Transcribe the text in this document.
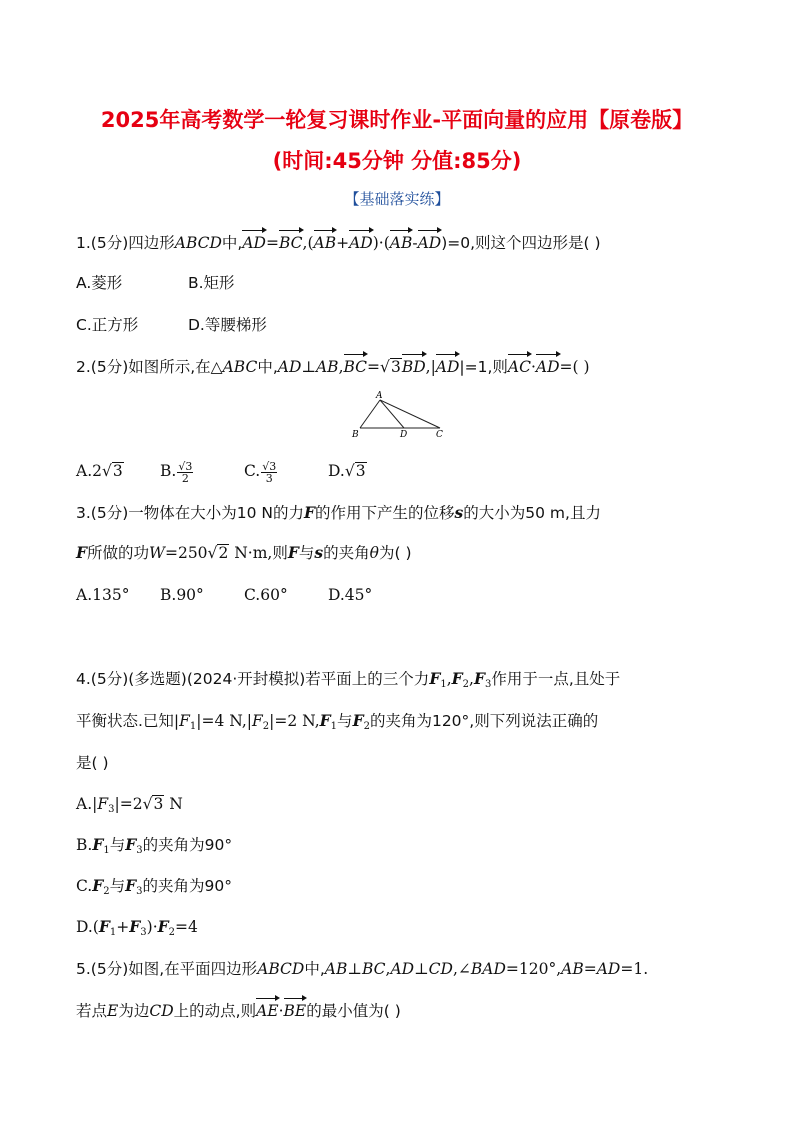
2025年高考数学一轮复习课时作业-平面向量的应用【原卷版】
(时间:45分钟 分值:85分)
【基础落实练】
1.(5分)四边形ABCD中,AD=BC,(AB+AD)·(AB-AD)=0,则这个四边形是( )
A.菱形	B.矩形
C.正方形	D.等腰梯形
2.(5分)如图所示,在△ABC中,AD⊥AB,BC=√3BD,|AD|=1,则AC·AD=( )
A
B	D	C
A.2√3 B. $\frac{√3}{2}$	C. $\frac{√3}{3}$	D.√3
3.(5分)一物体在大小为10 N的力F的作用下产生的位移s的大小为50 m,且力
F所做的功W=250√2 N·m,则F与s的夹角θ为( )
A.135° B.90°	C.60°	D.45°
4.(5分)(多选题)(2024·开封模拟)若平面上的三个力$F_1,F_2,F_3$作用于一点,且处于
平衡状态.已知$|F_1|=4$ $N,|F_2|=2$ $N,F_1$与$F_2$的夹角为120°,则下列说法正确的
是( )
$A.|F_3|=2√3$ N
$B.F_1$与$F_3$的夹角为90°
$C.F_2$与$F_3$的夹角为90°
$D.(F_1+F_3)\cdot F_2=4$
5.(5分)如图,在平面四边形ABCD中,AB⊥BC,AD⊥CD,∠BAD=120°,AB=AD=1.
若点E为边CD上的动点,则AE·BE的最小值为( )
